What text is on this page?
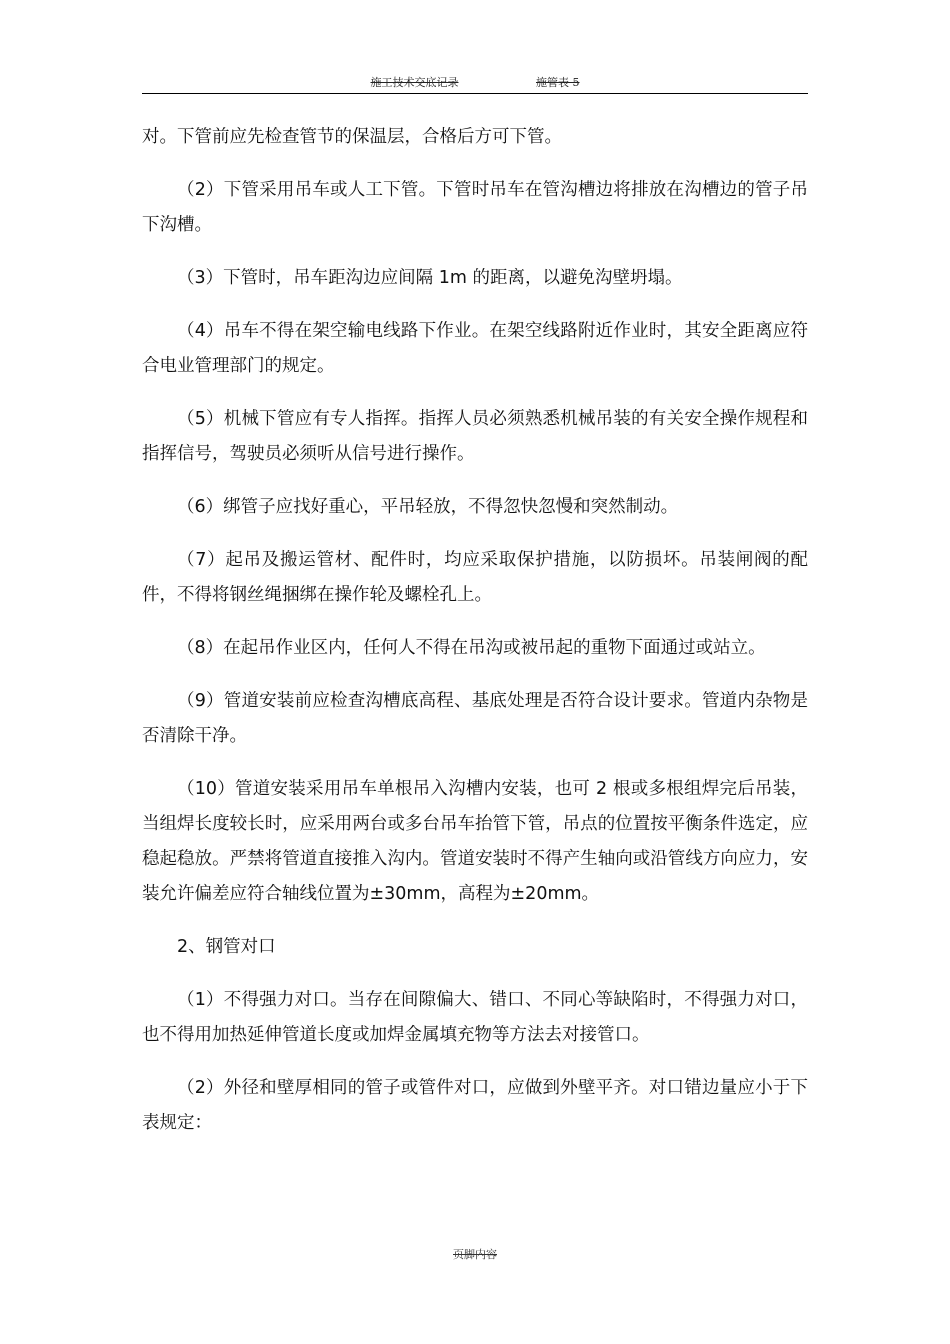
施工技术交底记录	施管表 5

对。下管前应先检查管节的保温层，合格后方可下管。

（2）下管采用吊车或人工下管。下管时吊车在管沟槽边将排放在沟槽边的管子吊下沟槽。

（3）下管时，吊车距沟边应间隔 1m 的距离，以避免沟壁坍塌。

（4）吊车不得在架空输电线路下作业。在架空线路附近作业时，其安全距离应符合电业管理部门的规定。

（5）机械下管应有专人指挥。指挥人员必须熟悉机械吊装的有关安全操作规程和指挥信号，驾驶员必须听从信号进行操作。

（6）绑管子应找好重心，平吊轻放，不得忽快忽慢和突然制动。

（7）起吊及搬运管材、配件时，均应采取保护措施，以防损坏。吊装闸阀的配件，不得将钢丝绳捆绑在操作轮及螺栓孔上。

（8）在起吊作业区内，任何人不得在吊沟或被吊起的重物下面通过或站立。

（9）管道安装前应检查沟槽底高程、基底处理是否符合设计要求。管道内杂物是否清除干净。

（10）管道安装采用吊车单根吊入沟槽内安装，也可 2 根或多根组焊完后吊装，当组焊长度较长时，应采用两台或多台吊车抬管下管，吊点的位置按平衡条件选定，应稳起稳放。严禁将管道直接推入沟内。管道安装时不得产生轴向或沿管线方向应力，安装允许偏差应符合轴线位置为±30mm，高程为±20mm。

2、钢管对口

（1）不得强力对口。当存在间隙偏大、错口、不同心等缺陷时，不得强力对口，也不得用加热延伸管道长度或加焊金属填充物等方法去对接管口。

（2）外径和壁厚相同的管子或管件对口，应做到外壁平齐。对口错边量应小于下表规定：

页脚内容
